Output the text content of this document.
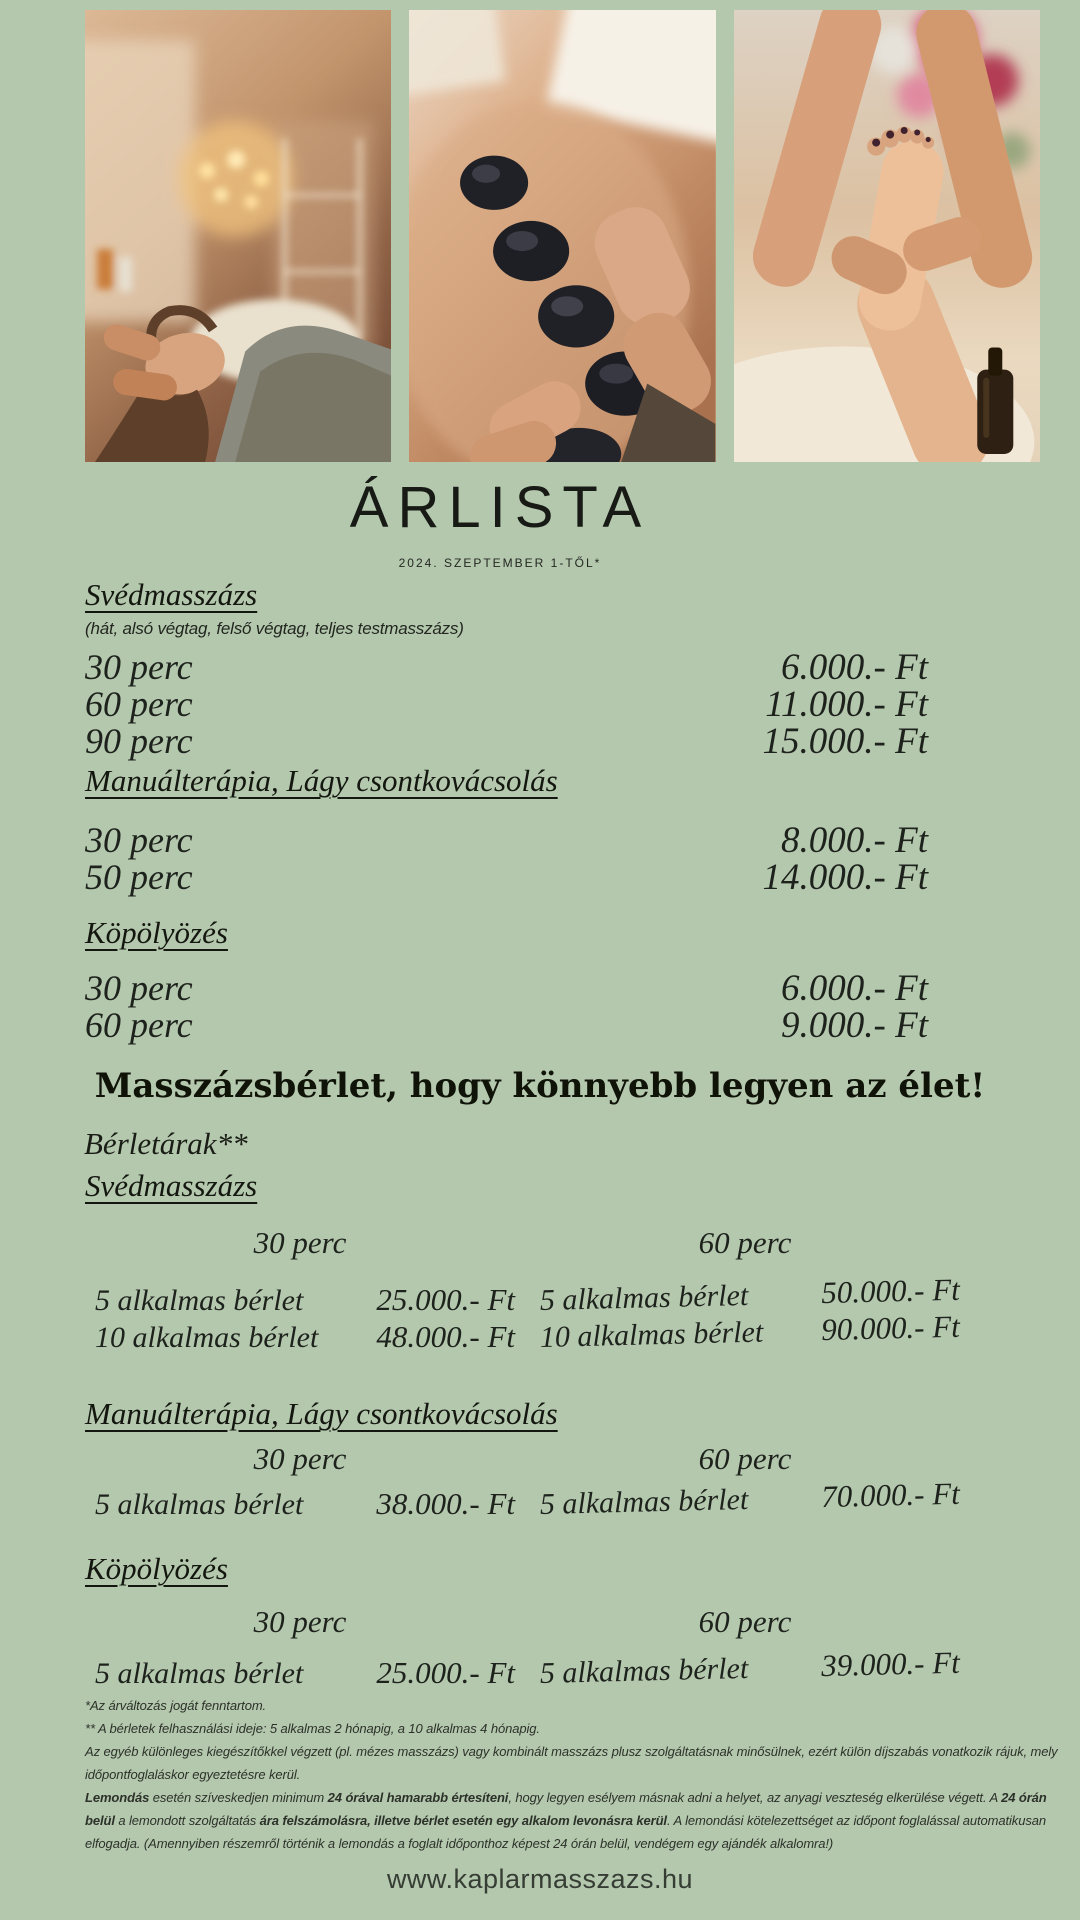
ÁRLISTA
2024. SZEPTEMBER 1-TŐL*
Svédmasszázs
(hát, alsó végtag, felső végtag, teljes testmasszázs)
30 perc	6.000.- Ft
60 perc	11.000.- Ft
90 perc	15.000.- Ft
Manuálterápia, Lágy csontkovácsolás
30 perc	8.000.- Ft
50 perc	14.000.- Ft
Köpölyözés
30 perc	6.000.- Ft
60 perc	9.000.- Ft
Masszázsbérlet, hogy könnyebb legyen az élet!
Bérletárak**
Svédmasszázs
30 perc
5 alkalmas bérlet 25.000.- Ft
10 alkalmas bérlet 48.000.- Ft
60 perc
5 alkalmas bérlet 50.000.- Ft
10 alkalmas bérlet 90.000.- Ft
Manuálterápia, Lágy csontkovácsolás
30 perc
5 alkalmas bérlet 38.000.- Ft
60 perc
5 alkalmas bérlet 70.000.- Ft
Köpölyözés
30 perc
5 alkalmas bérlet 25.000.- Ft
60 perc
5 alkalmas bérlet 39.000.- Ft

*Az árváltozás jogát fenntartom.

** A bérletek felhasználási ideje: 5 alkalmas 2 hónapig, a 10 alkalmas 4 hónapig.

Az egyéb különleges kiegészítőkkel végzett (pl. mézes masszázs) vagy kombinált masszázs plusz szolgáltatásnak minősülnek, ezért külön díjszabás vonatkozik rájuk, mely időpontfoglaláskor egyeztetésre kerül.

Lemondás esetén szíveskedjen minimum 24 órával hamarabb értesíteni, hogy legyen esélyem másnak adni a helyet, az anyagi veszteség elkerülése végett. A 24 órán belül a lemondott szolgáltatás ára felszámolásra, illetve bérlet esetén egy alkalom levonásra kerül. A lemondási kötelezettséget az időpont foglalással automatikusan elfogadja. (Amennyiben részemről történik a lemondás a foglalt időponthoz képest 24 órán belül, vendégem egy ajándék alkalomra!)

www.kaplarmasszazs.hu
